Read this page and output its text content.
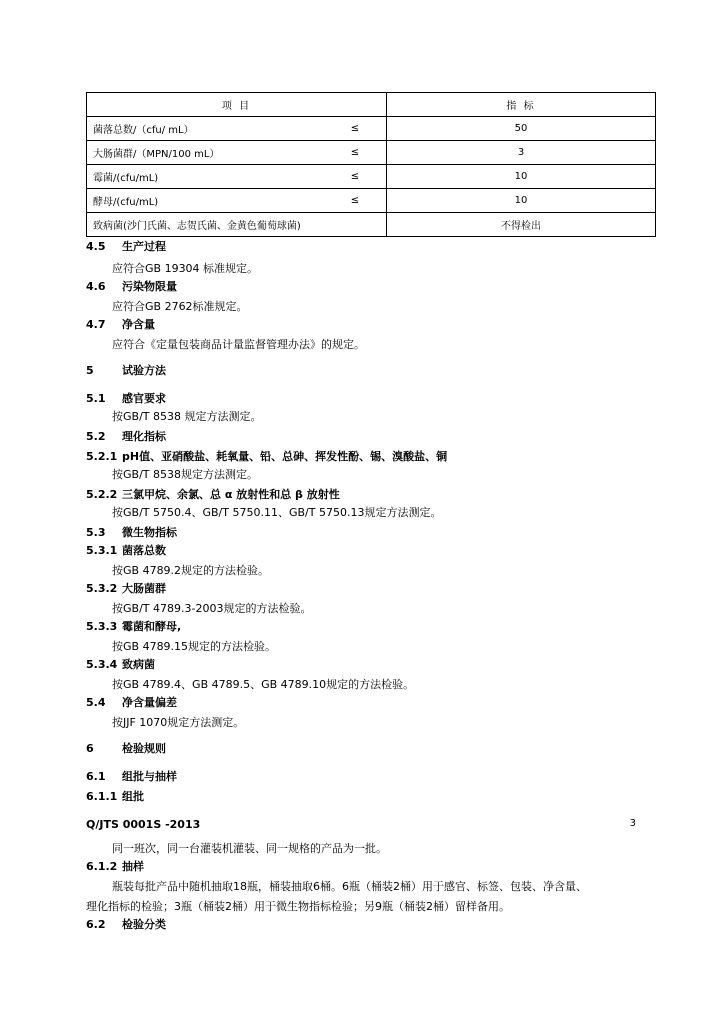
项 目		指 标
菌落总数/（cfu/ mL）	≤	50
大肠菌群/（MPN/100 mL）	≤	3
霉菌/(cfu/mL)	≤	10
酵母/(cfu/mL)	≤	10
致病菌(沙门氏菌、志贺氏菌、金黄色葡萄球菌)		不得检出
4.5 生产过程
应符合GB 19304 标准规定。
4.6 污染物限量
应符合GB 2762标准规定。
4.7 净含量
应符合《定量包装商品计量监督管理办法》的规定。
5	试验方法
5.1 感官要求
按GB/T 8538 规定方法测定。
5.2 理化指标
5.2.1 pH值、亚硝酸盐、耗氧量、铅、总砷、挥发性酚、锡、溴酸盐、铜
按GB/T 8538规定方法测定。
5.2.2 三氯甲烷、余氯、总 α 放射性和总 β 放射性
按GB/T 5750.4、GB/T 5750.11、GB/T 5750.13规定方法测定。
5.3 微生物指标
5.3.1 菌落总数
按GB 4789.2规定的方法检验。
5.3.2 大肠菌群
按GB/T 4789.3-2003规定的方法检验。
5.3.3 霉菌和酵母,
按GB 4789.15规定的方法检验。
5.3.4 致病菌
按GB 4789.4、GB 4789.5、GB 4789.10规定的方法检验。
5.4 净含量偏差
按JJF 1070规定方法测定。
6	检验规则
6.1 组批与抽样
6.1.1 组批
Q/JTS 0001S -2013	3
同一班次，同一台灌装机灌装、同一规格的产品为一批。
6.1.2 抽样
瓶装每批产品中随机抽取18瓶，桶装抽取6桶。6瓶（桶装2桶）用于感官、标签、包装、净含量、
理化指标的检验；3瓶（桶装2桶）用于微生物指标检验；另9瓶（桶装2桶）留样备用。
6.2 检验分类
